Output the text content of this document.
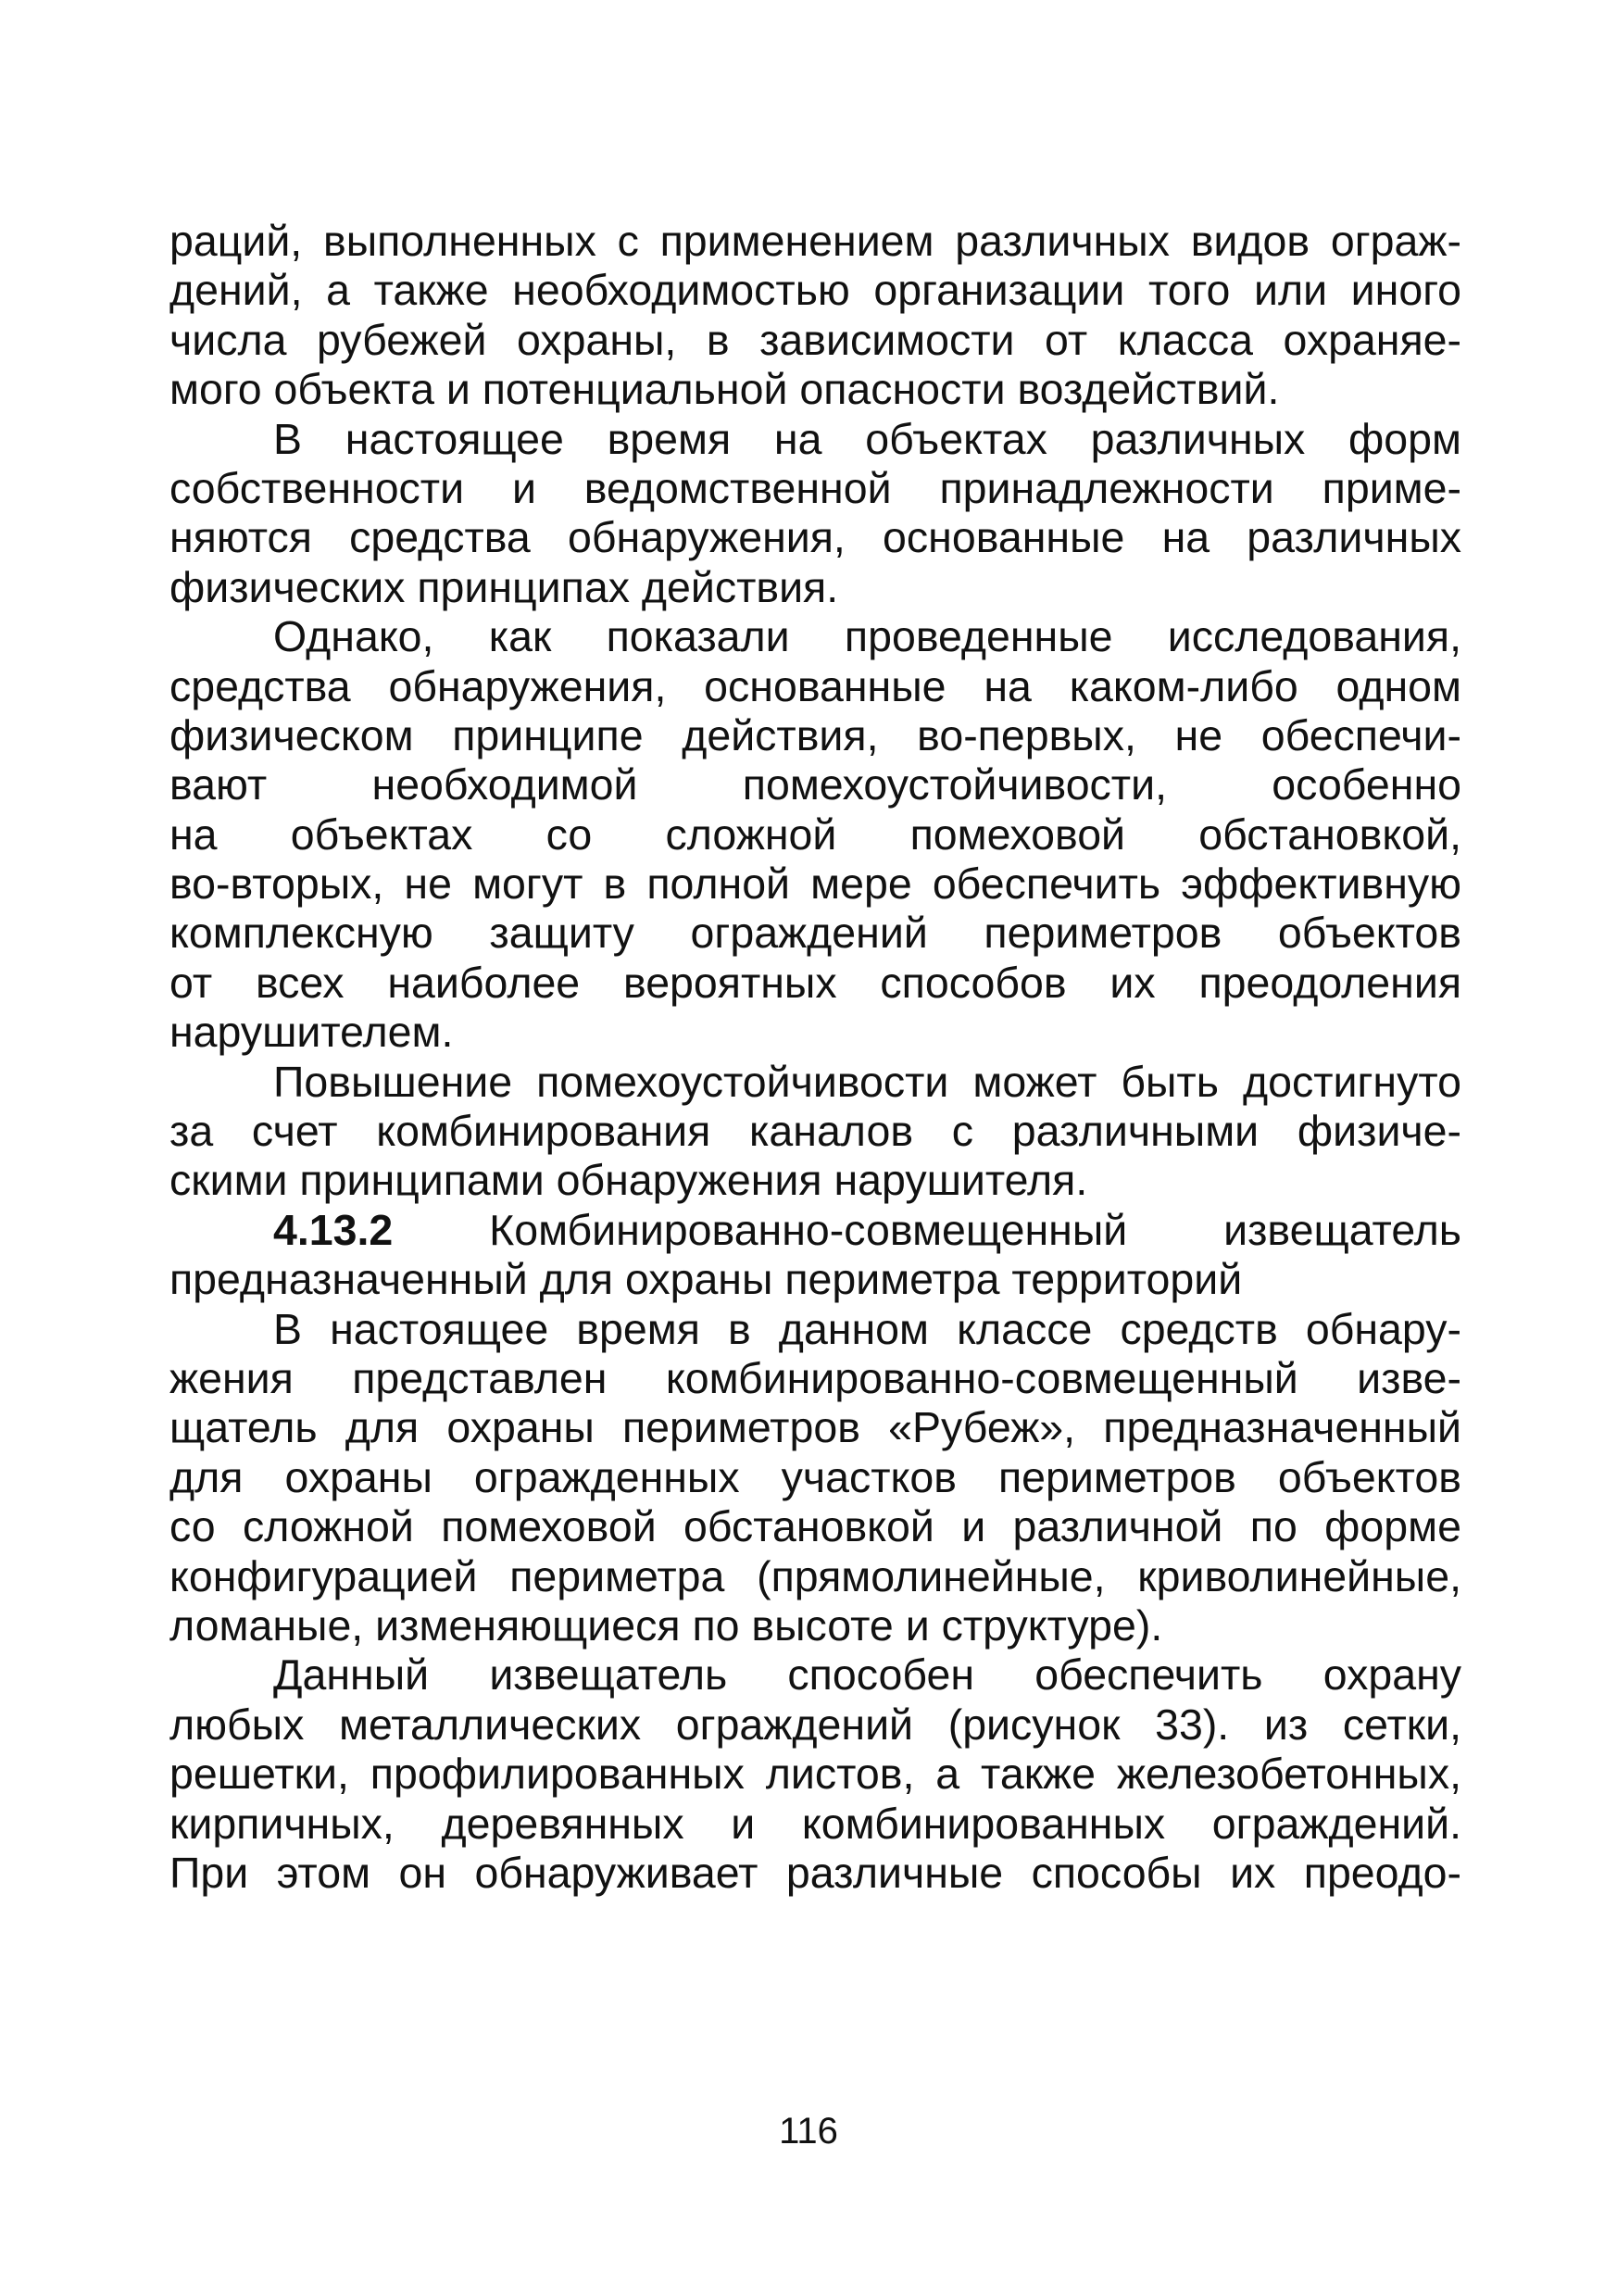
раций, выполненных с применением различных видов ограж-
дений, а также необходимостью организации того или иного
числа рубежей охраны, в зависимости от класса охраняе-
мого объекта и потенциальной опасности воздействий.
В настоящее время на объектах различных форм
собственности и ведомственной принадлежности приме-
няются средства обнаружения, основанные на различных
физических принципах действия.
Однако, как показали проведенные исследования,
средства обнаружения, основанные на каком-либо одном
физическом принципе действия, во-первых, не обеспечи-
вают необходимой помехоустойчивости, особенно
на объектах со сложной помеховой обстановкой,
во-вторых, не могут в полной мере обеспечить эффективную
комплексную защиту ограждений периметров объектов
от всех наиболее вероятных способов их преодоления
нарушителем.
Повышение помехоустойчивости может быть достигнуто
за счет комбинирования каналов с различными физиче-
скими принципами обнаружения нарушителя.
4.13.2 Комбинированно-совмещенный извещатель
предназначенный для охраны периметра территорий
В настоящее время в данном классе средств обнару-
жения представлен комбинированно-совмещенный изве-
щатель для охраны периметров «Рубеж», предназначенный
для охраны огражденных участков периметров объектов
со сложной помеховой обстановкой и различной по форме
конфигурацией периметра (прямолинейные, криволинейные,
ломаные, изменяющиеся по высоте и структуре).
Данный извещатель способен обеспечить охрану
любых металлических ограждений (рисунок 33). из сетки,
решетки, профилированных листов, а также железобетонных,
кирпичных, деревянных и комбинированных ограждений.
При этом он обнаруживает различные способы их преодо-
116
